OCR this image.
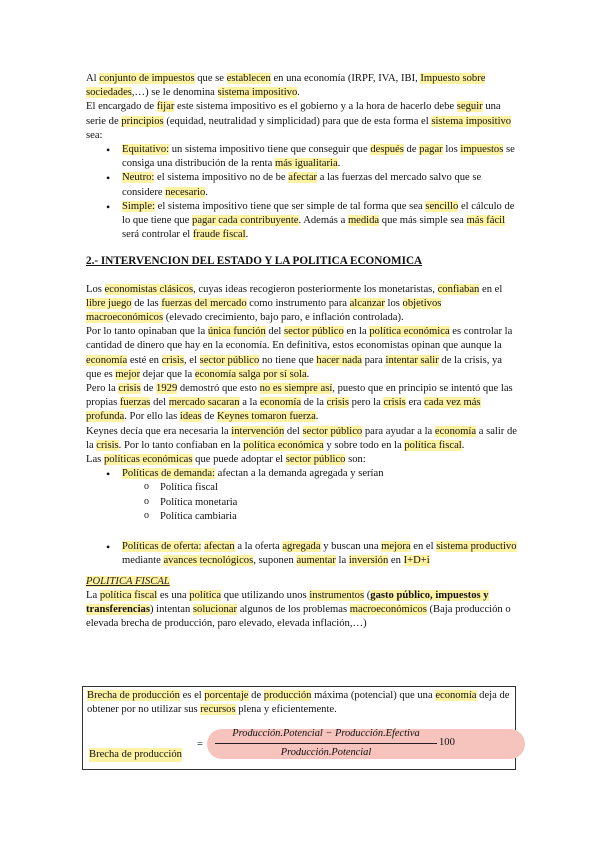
Al conjunto de impuestos que se establecen en una economía (IRPF, IVA, IBI, Impuesto sobre sociedades,…) se le denomina sistema impositivo.

El encargado de fijar este sistema impositivo es el gobierno y a la hora de hacerlo debe seguir una serie de principios (equidad, neutralidad y simplicidad) para que de esta forma el sistema impositivo sea:

• Equitativo: un sistema impositivo tiene que conseguir que después de pagar los impuestos se consiga una distribución de la renta más igualitaria.
• Neutro: el sistema impositivo no de be afectar a las fuerzas del mercado salvo que se considere necesario.
• Simple: el sistema impositivo tiene que ser simple de tal forma que sea sencillo el cálculo de lo que tiene que pagar cada contribuyente. Además a medida que más simple sea más fácil será controlar el fraude fiscal.

2.- INTERVENCION DEL ESTADO Y LA POLITICA ECONOMICA

Los economistas clásicos, cuyas ideas recogieron posteriormente los monetaristas, confiaban en el libre juego de las fuerzas del mercado como instrumento para alcanzar los objetivos macroeconómicos (elevado crecimiento, bajo paro, e inflación controlada).

Por lo tanto opinaban que la única función del sector público en la política económica es controlar la cantidad de dinero que hay en la economía. En definitiva, estos economistas opinan que aunque la economía esté en crisis, el sector público no tiene que hacer nada para intentar salir de la crisis, ya que es mejor dejar que la economía salga por sí sola.

Pero la crisis de 1929 demostró que esto no es siempre así, puesto que en principio se intentó que las propias fuerzas del mercado sacaran a la economía de la crisis pero la crisis era cada vez más profunda. Por ello las ideas de Keynes tomaron fuerza.

Keynes decía que era necesaria la intervención del sector público para ayudar a la economía a salir de la crisis. Por lo tanto confiaban en la política económica y sobre todo en la política fiscal.

Las políticas económicas que puede adoptar el sector público son:

• Políticas de demanda: afectan a la demanda agregada y serían
o Política fiscal
o Política monetaria
o Política cambiaria
• Políticas de oferta: afectan a la oferta agregada y buscan una mejora en el sistema productivo mediante avances tecnológicos, suponen aumentar la inversión en I+D+i

POLITICA FISCAL

La política fiscal es una política que utilizando unos instrumentos (gasto público, impuestos y transferencias) intentan solucionar algunos de los problemas macroeconómicos (Baja producción o elevada brecha de producción, paro elevado, elevada inflación,…)

Brecha de producción es el porcentaje de producción máxima (potencial) que una economía deja de obtener por no utilizar sus recursos plena y eficientemente.

Brecha de producción
=
Producción.Potencial − Producción.Efectiva
Producción.Potencial
100
